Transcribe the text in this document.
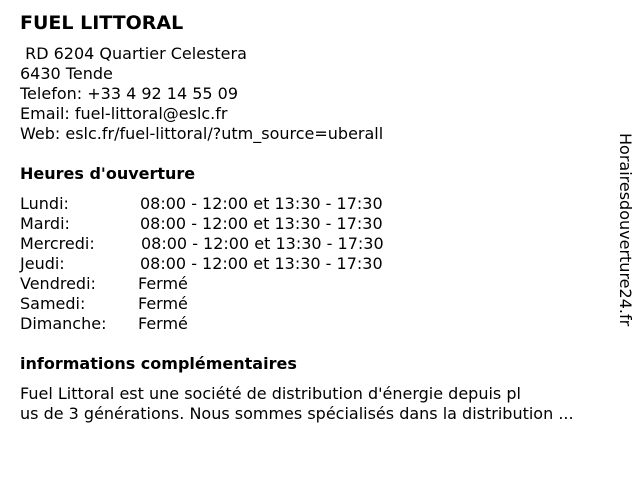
FUEL LITTORAL
RD 6204 Quartier Celestera
6430 Tende
Telefon: +33 4 92 14 55 09
Email: fuel-littoral@eslc.fr
Web: eslc.fr/fuel-littoral/?utm_source=uberall
Heures d'ouverture
Lundi:	08:00 - 12:00 et 13:30 - 17:30
Mardi:	08:00 - 12:00 et 13:30 - 17:30
Mercredi:	08:00 - 12:00 et 13:30 - 17:30
Jeudi:	08:00 - 12:00 et 13:30 - 17:30
Vendredi:	Fermé
Samedi:	Fermé
Dimanche: Fermé
informations complémentaires
Fuel Littoral est une société de distribution d'énergie depuis pl
us de 3 générations. Nous sommes spécialisés dans la distribution ...
Horairesdouverture24.fr
